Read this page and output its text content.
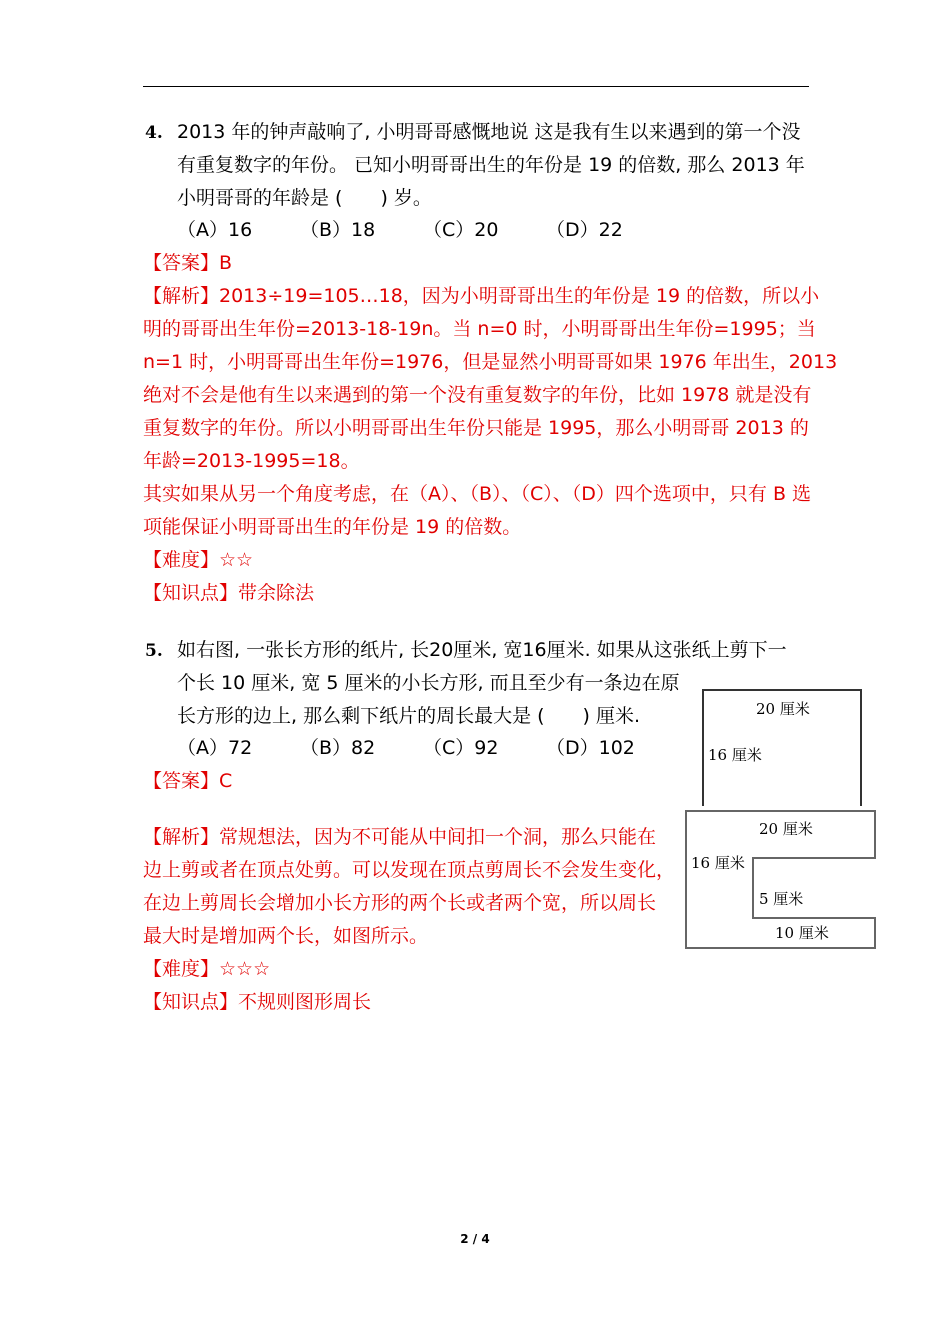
4. 2013 年的钟声敲响了, 小明哥哥感慨地说 这是我有生以来遇到的第一个没
有重复数字的年份。 已知小明哥哥出生的年份是 19 的倍数, 那么 2013 年
小明哥哥的年龄是 (　　) 岁。
（A）16	（B）18	（C）20	（D）22
【答案】B
【解析】2013÷19=105…18，因为小明哥哥出生的年份是 19 的倍数，所以小
明的哥哥出生年份=2013-18-19n。当 n=0 时，小明哥哥出生年份=1995；当
n=1 时，小明哥哥出生年份=1976，但是显然小明哥哥如果 1976 年出生，2013
绝对不会是他有生以来遇到的第一个没有重复数字的年份，比如 1978 就是没有
重复数字的年份。所以小明哥哥出生年份只能是 1995，那么小明哥哥 2013 的
年龄=2013-1995=18。
其实如果从另一个角度考虑，在（A）、（B）、（C）、（D）四个选项中，只有 B 选
项能保证小明哥哥出生的年份是 19 的倍数。
【难度】☆☆
【知识点】带余除法
5. 如右图, 一张长方形的纸片, 长20厘米, 宽16厘米. 如果从这张纸上剪下一
个长 10 厘米, 宽 5 厘米的小长方形, 而且至少有一条边在原
长方形的边上, 那么剩下纸片的周长最大是 (　　) 厘米.
（A）72	（B）82	（C）92	（D）102
【答案】C
【解析】常规想法，因为不可能从中间扣一个洞，那么只能在
边上剪或者在顶点处剪。可以发现在顶点剪周长不会发生变化，
在边上剪周长会增加小长方形的两个长或者两个宽，所以周长
最大时是增加两个长，如图所示。
【难度】☆☆☆
【知识点】不规则图形周长
20 厘米
16 厘米
20 厘米
16 厘米
5 厘米
10 厘米
2 / 4
